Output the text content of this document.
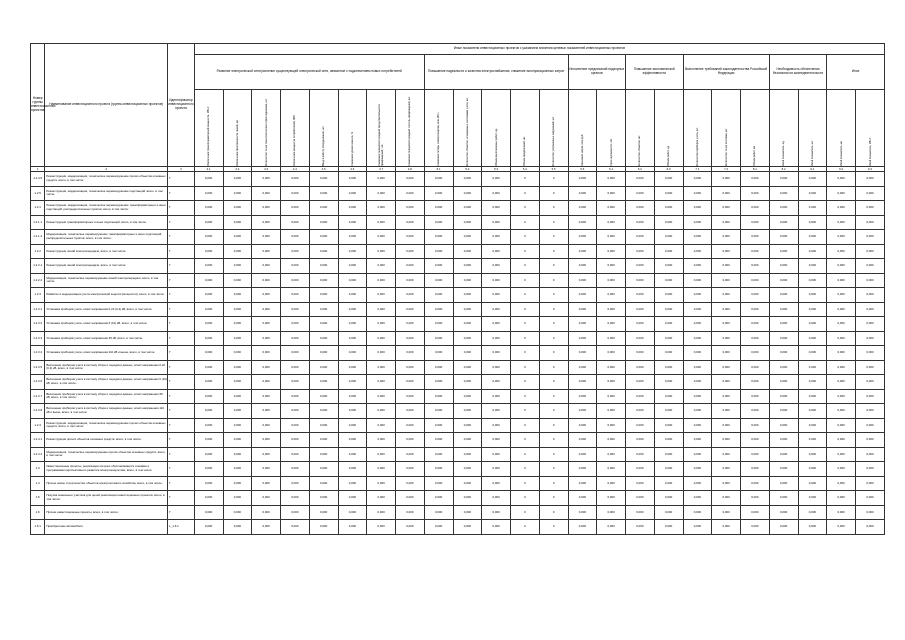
Номер группы инвестиционных проектов	Наименование инвестиционного проекта (группы инвестиционных проектов)	Идентификатор инвестиционного проекта	Иные показатели инвестиционных проектов с указанием значения целевых показателей инвестиционных проектов																							
			Развитие электрической сети/усиление существующей электрической сети, связанное с подключением новых потребителей								Повышение надежности и качества электроснабжения, снижение эксплуатационных затрат					Исполнение предписаний надзорных органов		Повышение экономической эффективности		Выполнение требований законодательства Российской Федерации			Необходимость обеспечения безопасности жизнедеятельности		Иное	

			Увеличение трансформаторной мощности, МВ·А	Увеличение протяженности линий, км	Количество точек технологического присоединения, шт.	Увеличение мощности потребителей, МВт	Ввод в работу оборудования, шт.	Снижение уровня износа, %	Снижение показателя средней продолжительности прекращений, час	Снижение показателя средней частоты прекращений, шт.	Снижение потерь электроэнергии, млн кВт·ч	Количество объектов, оснащенных системами учета, шт.	Объем выполненных работ, ед.	Объем предписаний, шт.	Количество устраненных нарушений, шт.	Экономия затрат, млн руб.	Срок окупаемости, лет	Количество объектов, шт.	Объем работ, ед.	Количество приборов учета, шт.	Количество точек поставки, шт.	Объем работ, км	Иной показатель, ед.	Иной показатель, шт.	Иной показатель, км	Иной показатель, МВ·А

1	2	3	4.1	4.2	4.3	4.4	4.5	4.6	4.7	4.8	5.1	5.2	5.3	5.4	5.5	5.6	6.1	6.2	6.3	7.1	7.2	8.1	8.2	9.1	9.2	9.3
1.2.4.5	Реконструкция, модернизация, техническое перевооружение прочих объектов основных средств, всего, в том числе:	Г	0,000	0,000	0,000	0,000	0,000	0,000	0,000	0,000	0,000	0,000	0,000	0	0	0,000	0,000	0,000	0,000	0,000	0,000	0,000	0,000	0,000	0,000	0,000
1.2.5	Реконструкция, модернизация, техническое перевооружение подстанций, всего, в том числе:	Г	0,000	0,000	0,000	0,000	0,000	0,000	0,000	0,000	0,000	0,000	0,000	0	0	0,000	0,000	0,000	0,000	0,000	0,000	0,000	0,000	0,000	0,000	0,000
1.2.1	Реконструкция, модернизация, техническое перевооружение трансформаторных и иных подстанций, распределительных пунктов, всего, в том числе:	Г	0,000	0,000	0,000	0,000	0,000	0,000	0,000	0,000	0,000	0,000	0,000	0	0	0,000	0,000	0,000	0,000	0,000	0,000	0,000	0,000	0,000	0,000	0,000
1.2.1.1	Реконструкция трансформаторных и иных подстанций, всего, в том числе:	Г	0,000	0,000	0,000	0,000	0,000	0,000	0,000	0,000	0,000	0,000	0,000	0	0	0,000	0,000	0,000	0,000	0,000	0,000	0,000	0,000	0,000	0,000	0,000
1.2.1.2	Модернизация, техническое перевооружение трансформаторных и иных подстанций, распределительных пунктов, всего, в том числе:	Г	0,000	0,000	0,000	0,000	0,000	0,000	0,000	0,000	0,000	0,000	0,000	0	0	0,000	0,000	0,000	0,000	0,000	0,000	0,000	0,000	0,000	0,000	0,000
1.2.2	Реконструкция линий электропередачи, всего, в том числе:	Г	0,000	0,000	0,000	0,000	0,000	0,000	0,000	0,000	0,000	0,000	0,000	0	0	0,000	0,000	0,000	0,000	0,000	0,000	0,000	0,000	0,000	0,000	0,000
1.2.2.1	Реконструкция линий электропередачи, всего, в том числе:	Г	0,000	0,000	0,000	0,000	0,000	0,000	0,000	0,000	0,000	0,000	0,000	0	0	0,000	0,000	0,000	0,000	0,000	0,000	0,000	0,000	0,000	0,000	0,000
1.2.2.2	Модернизация, техническое перевооружение линий электропередачи, всего, в том числе:	Г	0,000	0,000	0,000	0,000	0,000	0,000	0,000	0,000	0,000	0,000	0,000	0	0	0,000	0,000	0,000	0,000	0,000	0,000	0,000	0,000	0,000	0,000	0,000
1.2.3	Развитие и модернизация учета электрической энергии (мощности), всего, в том числе:	Г	0,000	0,000	0,000	0,000	0,000	0,000	0,000	0,000	0,000	0,000	0,000	0	0	0,000	0,000	0,000	0,000	0,000	0,000	0,000	0,000	0,000	0,000	0,000
1.2.3.1	Установка приборов учета, класс напряжения 0,22 (0,4) кВ, всего, в том числе:	Г	0,000	0,000	0,000	0,000	0,000	0,000	0,000	0,000	0,000	0,000	0,000	0	0	0,000	0,000	0,000	0,000	0,000	0,000	0,000	0,000	0,000	0,000	0,000
1.2.3.2	Установка приборов учета, класс напряжения 6 (10) кВ, всего, в том числе:	Г	0,000	0,000	0,000	0,000	0,000	0,000	0,000	0,000	0,000	0,000	0,000	0	0	0,000	0,000	0,000	0,000	0,000	0,000	0,000	0,000	0,000	0,000	0,000
1.2.3.3	Установка приборов учета, класс напряжения 35 кВ, всего, в том числе:	Г	0,000	0,000	0,000	0,000	0,000	0,000	0,000	0,000	0,000	0,000	0,000	0	0	0,000	0,000	0,000	0,000	0,000	0,000	0,000	0,000	0,000	0,000	0,000
1.2.3.4	Установка приборов учета, класс напряжения 110 кВ и выше, всего, в том числе:	Г	0,000	0,000	0,000	0,000	0,000	0,000	0,000	0,000	0,000	0,000	0,000	0	0	0,000	0,000	0,000	0,000	0,000	0,000	0,000	0,000	0,000	0,000	0,000
1.2.3.5	Включение приборов учета в систему сбора и передачи данных, класс напряжения 0,22 (0,4) кВ, всего, в том числе:	Г	0,000	0,000	0,000	0,000	0,000	0,000	0,000	0,000	0,000	0,000	0,000	0	0	0,000	0,000	0,000	0,000	0,000	0,000	0,000	0,000	0,000	0,000	0,000
1.2.3.6	Включение приборов учета в систему сбора и передачи данных, класс напряжения 6 (10) кВ, всего, в том числе:	Г	0,000	0,000	0,000	0,000	0,000	0,000	0,000	0,000	0,000	0,000	0,000	0	0	0,000	0,000	0,000	0,000	0,000	0,000	0,000	0,000	0,000	0,000	0,000
1.2.3.7	Включение приборов учета в систему сбора и передачи данных, класс напряжения 35 кВ, всего, в том числе:	Г	0,000	0,000	0,000	0,000	0,000	0,000	0,000	0,000	0,000	0,000	0,000	0	0	0,000	0,000	0,000	0,000	0,000	0,000	0,000	0,000	0,000	0,000	0,000
1.2.3.8	Включение приборов учета в систему сбора и передачи данных, класс напряжения 110 кВ и выше, всего, в том числе:	Г	0,000	0,000	0,000	0,000	0,000	0,000	0,000	0,000	0,000	0,000	0,000	0	0	0,000	0,000	0,000	0,000	0,000	0,000	0,000	0,000	0,000	0,000	0,000
1.2.4	Реконструкция, модернизация, техническое перевооружение прочих объектов основных средств, всего, в том числе:	Г	0,000	0,000	0,000	0,000	0,000	0,000	0,000	0,000	0,000	0,000	0,000	0	0	0,000	0,000	0,000	0,000	0,000	0,000	0,000	0,000	0,000	0,000	0,000
1.2.4.1	Реконструкция прочих объектов основных средств, всего, в том числе:	Г	0,000	0,000	0,000	0,000	0,000	0,000	0,000	0,000	0,000	0,000	0,000	0	0	0,000	0,000	0,000	0,000	0,000	0,000	0,000	0,000	0,000	0,000	0,000
1.2.4.2	Модернизация, техническое перевооружение прочих объектов основных средств, всего, в том числе:	Г	0,000	0,000	0,000	0,000	0,000	0,000	0,000	0,000	0,000	0,000	0,000	0	0	0,000	0,000	0,000	0,000	0,000	0,000	0,000	0,000	0,000	0,000	0,000
1.3	Инвестиционные проекты, реализация которых обусловливается схемами и программами перспективного развития электроэнергетики, всего, в том числе:	Г	0,000	0,000	0,000	0,000	0,000	0,000	0,000	0,000	0,000	0,000	0,000	0	0	0,000	0,000	0,000	0,000	0,000	0,000	0,000	0,000	0,000	0,000	0,000
1.4	Прочее новое строительство объектов электросетевого хозяйства, всего, в том числе:	Г	0,000	0,000	0,000	0,000	0,000	0,000	0,000	0,000	0,000	0,000	0,000	0	0	0,000	0,000	0,000	0,000	0,000	0,000	0,000	0,000	0,000	0,000	0,000
1.5	Покупка земельных участков для целей реализации инвестиционных проектов, всего, в том числе:	Г	0,000	0,000	0,000	0,000	0,000	0,000	0,000	0,000	0,000	0,000	0,000	0	0	0,000	0,000	0,000	0,000	0,000	0,000	0,000	0,000	0,000	0,000	0,000
1.6	Прочие инвестиционные проекты, всего, в том числе:	Г	0,000	0,000	0,000	0,000	0,000	0,000	0,000	0,000	0,000	0,000	0,000	0	0	0,000	0,000	0,000	0,000	0,000	0,000	0,000	0,000	0,000	0,000	0,000
1.6.1	Приобретение автомобиля	L_1.6.1	0,000	0,000	0,000	0,000	0,000	0,000	0,000	0,000	0,000	0,000	0,000	0	0	0,000	0,000	0,000	0,000	0,000	0,000	0,000	0,000	0,000	0,000	0,000
